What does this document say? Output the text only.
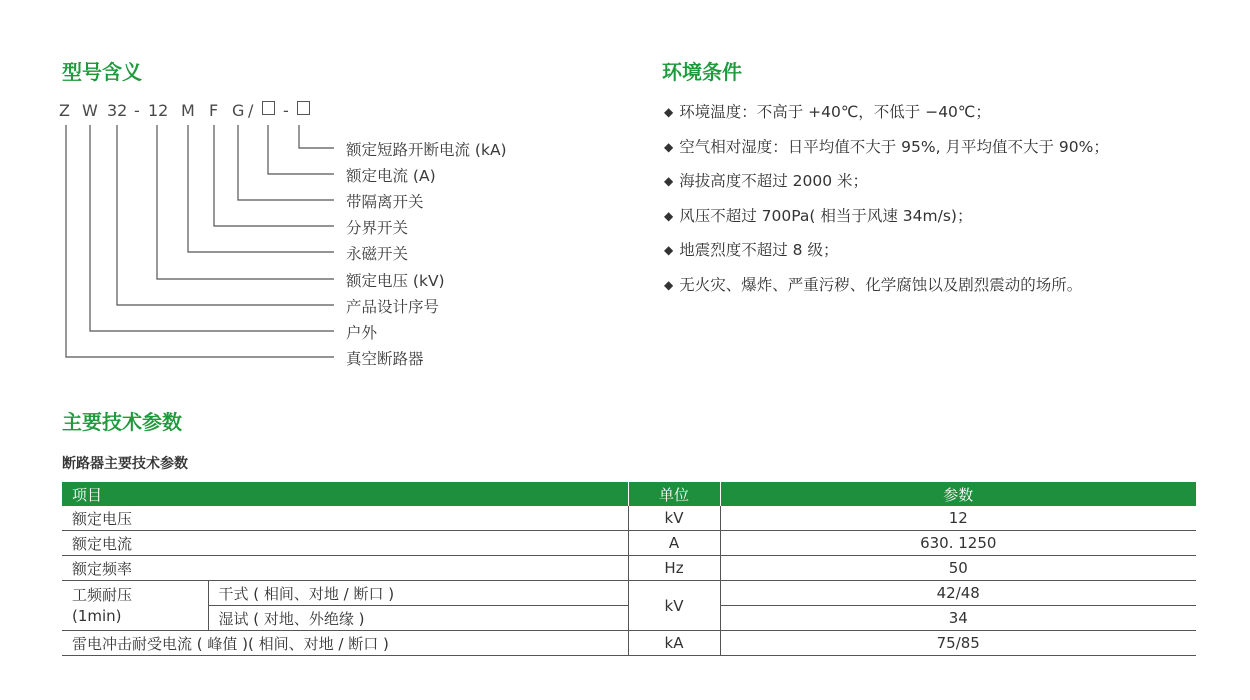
型号含义
Z W 32 - 12 M F G / -
额定短路开断电流 (kA)
额定电流 (A)
带隔离开关
分界开关
永磁开关
额定电压 (kV)
产品设计序号
户外
真空断路器
环境条件
◆ 环境温度：不高于 +40℃，不低于 −40℃；
◆ 空气相对湿度：日平均值不大于 95%, 月平均值不大于 90%；
◆ 海拔高度不超过 2000 米；
◆ 风压不超过 700Pa( 相当于风速 34m/s)；
◆ 地震烈度不超过 8 级；
◆ 无火灾、爆炸、严重污秽、化学腐蚀以及剧烈震动的场所。
主要技术参数
断路器主要技术参数
项目		单位	参数
额定电压		kV	12
额定电流		A	630. 1250
额定频率		Hz	50

工频耐压
(1min)	干式 ( 相间、对地 / 断口 )	kV	42/48
	湿试 ( 对地、外绝缘 )		34
雷电冲击耐受电流 ( 峰值 )( 相间、对地 / 断口 )		kA	75/85
